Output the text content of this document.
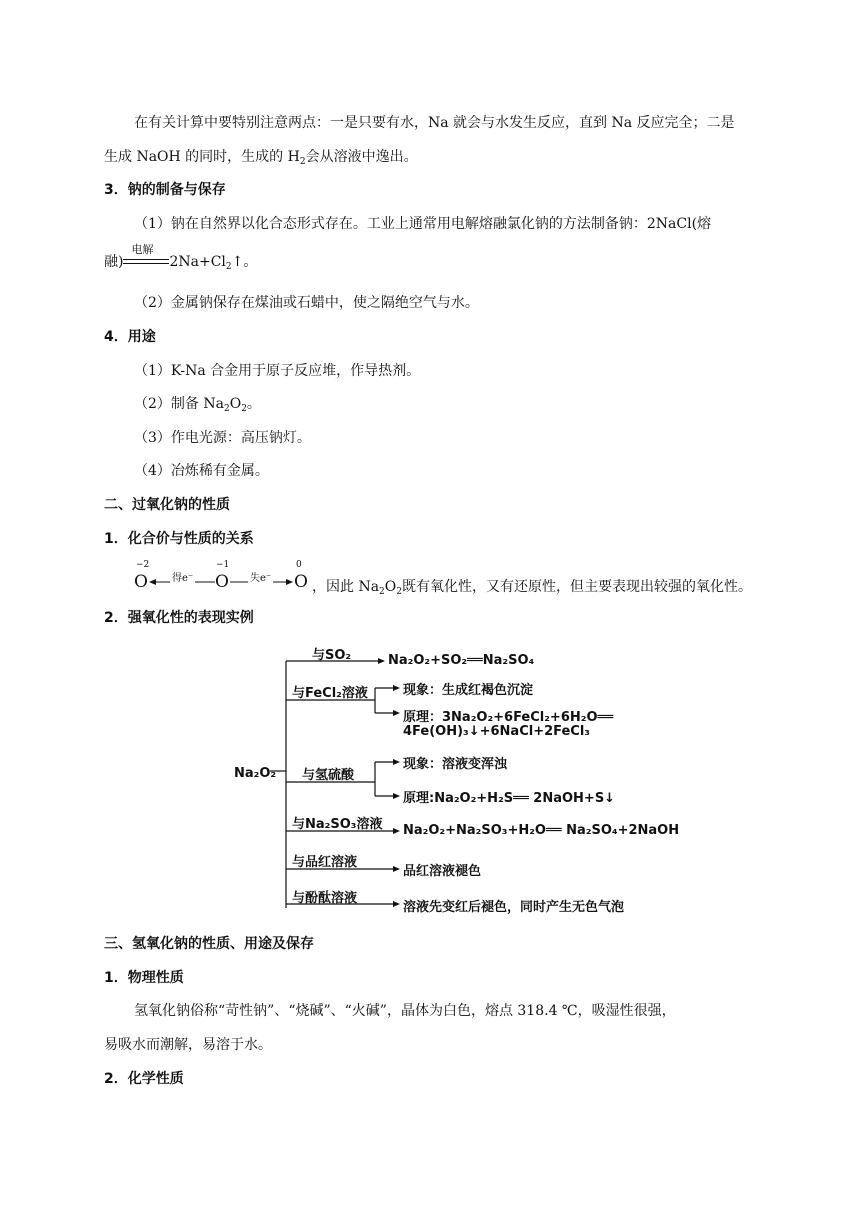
在有关计算中要特别注意两点：一是只要有水，Na 就会与水发生反应，直到 Na 反应完全；二是
生成 NaOH 的同时，生成的 $H_2$会从溶液中逸出。
3．钠的制备与保存
（1）钠在自然界以化合态形式存在。工业上通常用电解熔融氯化钠的方法制备钠：2NaCl(熔
融)
电解
$2Na+Cl_2↑$。
（2）金属钠保存在煤油或石蜡中，使之隔绝空气与水。
4．用途
（1）K-Na 合金用于原子反应堆，作导热剂。
（2）制备 $Na_2O_2$。
（3）作电光源：高压钠灯。
（4）冶炼稀有金属。
二、过氧化钠的性质
1．化合价与性质的关系
−2
O 得e⁻
−1
O 失e⁻
0
O ，因此 $Na_2O_2$既有氧化性，又有还原性，但主要表现出较强的氧化性。
2．强氧化性的表现实例
Na₂O₂
与SO₂	Na₂O₂+SO₂══Na₂SO₄
与FeCl₂溶液	现象：生成红褐色沉淀
原理：3Na₂O₂+6FeCl₂+6H₂O══
4Fe(OH)₃↓+6NaCl+2FeCl₃
与氢硫酸
现象：溶液变浑浊
原理:Na₂O₂+H₂S══ 2NaOH+S↓
与Na₂SO₃溶液 Na₂O₂+Na₂SO₃+H₂O══ Na₂SO₄+2NaOH
与品红溶液
品红溶液褪色
与酚酞溶液
溶液先变红后褪色，同时产生无色气泡
三、氢氧化钠的性质、用途及保存
1．物理性质
氢氧化钠俗称“苛性钠”、“烧碱”、“火碱”，晶体为白色，熔点 318.4 ℃，吸湿性很强，
易吸水而潮解，易溶于水。
2．化学性质
